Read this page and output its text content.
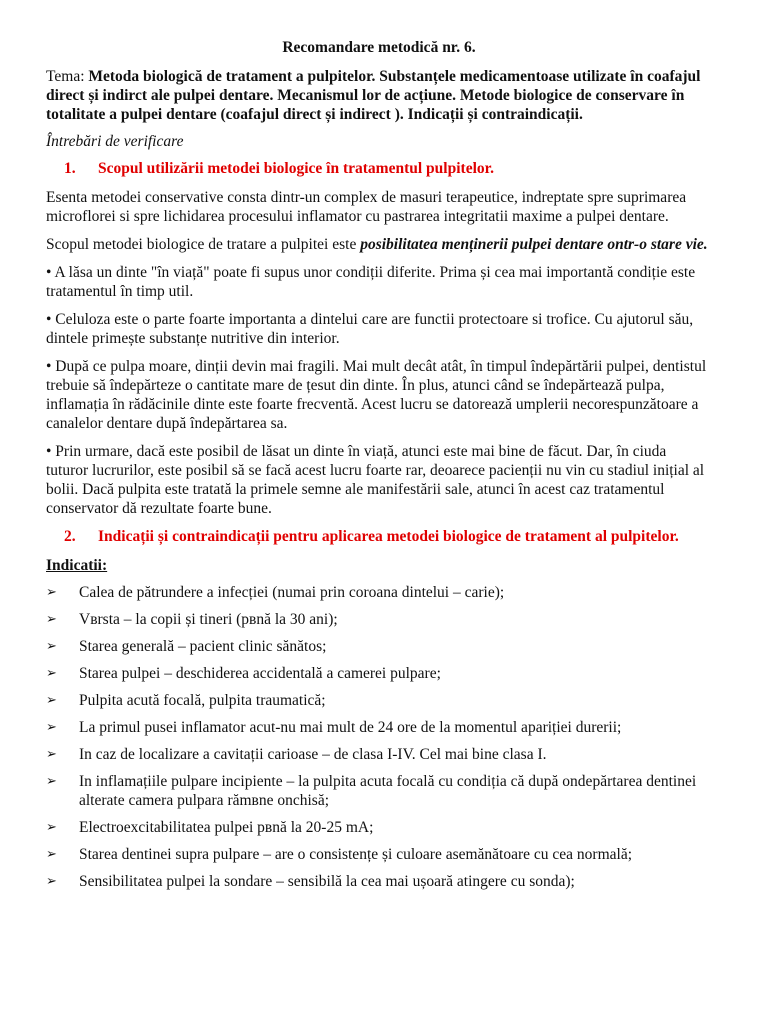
Recomandare metodică nr. 6.
Tema: Metoda biologică de tratament a pulpitelor. Substanțele medicamentoase utilizate în coafajul direct și indirct ale pulpei dentare. Mecanismul lor de acțiune. Metode biologice de conservare în totalitate a pulpei dentare (coafajul direct și indirect ). Indicații și contraindicații.
Întrebări de verificare
1.	Scopul utilizării metodei biologice în tratamentul pulpitelor.

Esenta metodei conservative consta dintr-un complex de masuri terapeutice, indreptate spre suprimarea microflorei si spre lichidarea procesului inflamator cu pastrarea integritatii maxime a pulpei dentare.

Scopul metodei biologice de tratare a pulpitei este posibilitatea menținerii pulpei dentare ontr-o stare vie.

• A lăsa un dinte "în viață" poate fi supus unor condiții diferite. Prima și cea mai importantă condiție este tratamentul în timp util.

• Celuloza este o parte foarte importanta a dintelui care are functii protectoare si trofice. Cu ajutorul său, dintele primește substanțe nutritive din interior.

• După ce pulpa moare, dinții devin mai fragili. Mai mult decât atât, în timpul îndepărtării pulpei, dentistul trebuie să îndepărteze o cantitate mare de țesut din dinte. În plus, atunci când se îndepărtează pulpa, inflamația în rădăcinile dinte este foarte frecventă. Acest lucru se datorează umplerii necorespunzătoare a canalelor dentare după îndepărtarea sa.

• Prin urmare, dacă este posibil de lăsat un dinte în viață, atunci este mai bine de făcut. Dar, în ciuda tuturor lucrurilor, este posibil să se facă acest lucru foarte rar, deoarece pacienții nu vin cu stadiul inițial al bolii. Dacă pulpita este tratată la primele semne ale manifestării sale, atunci în acest caz tratamentul conservator dă rezultate foarte bune.

2.	Indicații și contraindicații pentru aplicarea metodei biologice de tratament al pulpitelor.
Indicatii:
➢	Calea de pătrundere a infecției (numai prin coroana dintelui – carie);
➢	Vвrsta – la copii și tineri (pвnă la 30 ani);
➢	Starea generală – pacient clinic sănătos;
➢	Starea pulpei – deschiderea accidentală a camerei pulpare;
➢	Pulpita acută focală, pulpita traumatică;
➢	La primul pusei inflamator acut-nu mai mult de 24 ore de la momentul apariției durerii;
➢	In caz de localizare a cavitații carioase – de clasa I-IV. Cel mai bine clasa I.
➢	In inflamațiile pulpare incipiente – la pulpita acuta focală cu condiția că după ondepărtarea dentinei alterate camera pulpara rămвne onchisă;
➢	Electroexcitabilitatea pulpei pвnă la 20-25 mA;
➢	Starea dentinei supra pulpare – are o consistențe și culoare asemănătoare cu cea normală;
➢	Sensibilitatea pulpei la sondare – sensibilă la cea mai ușoară atingere cu sonda);
